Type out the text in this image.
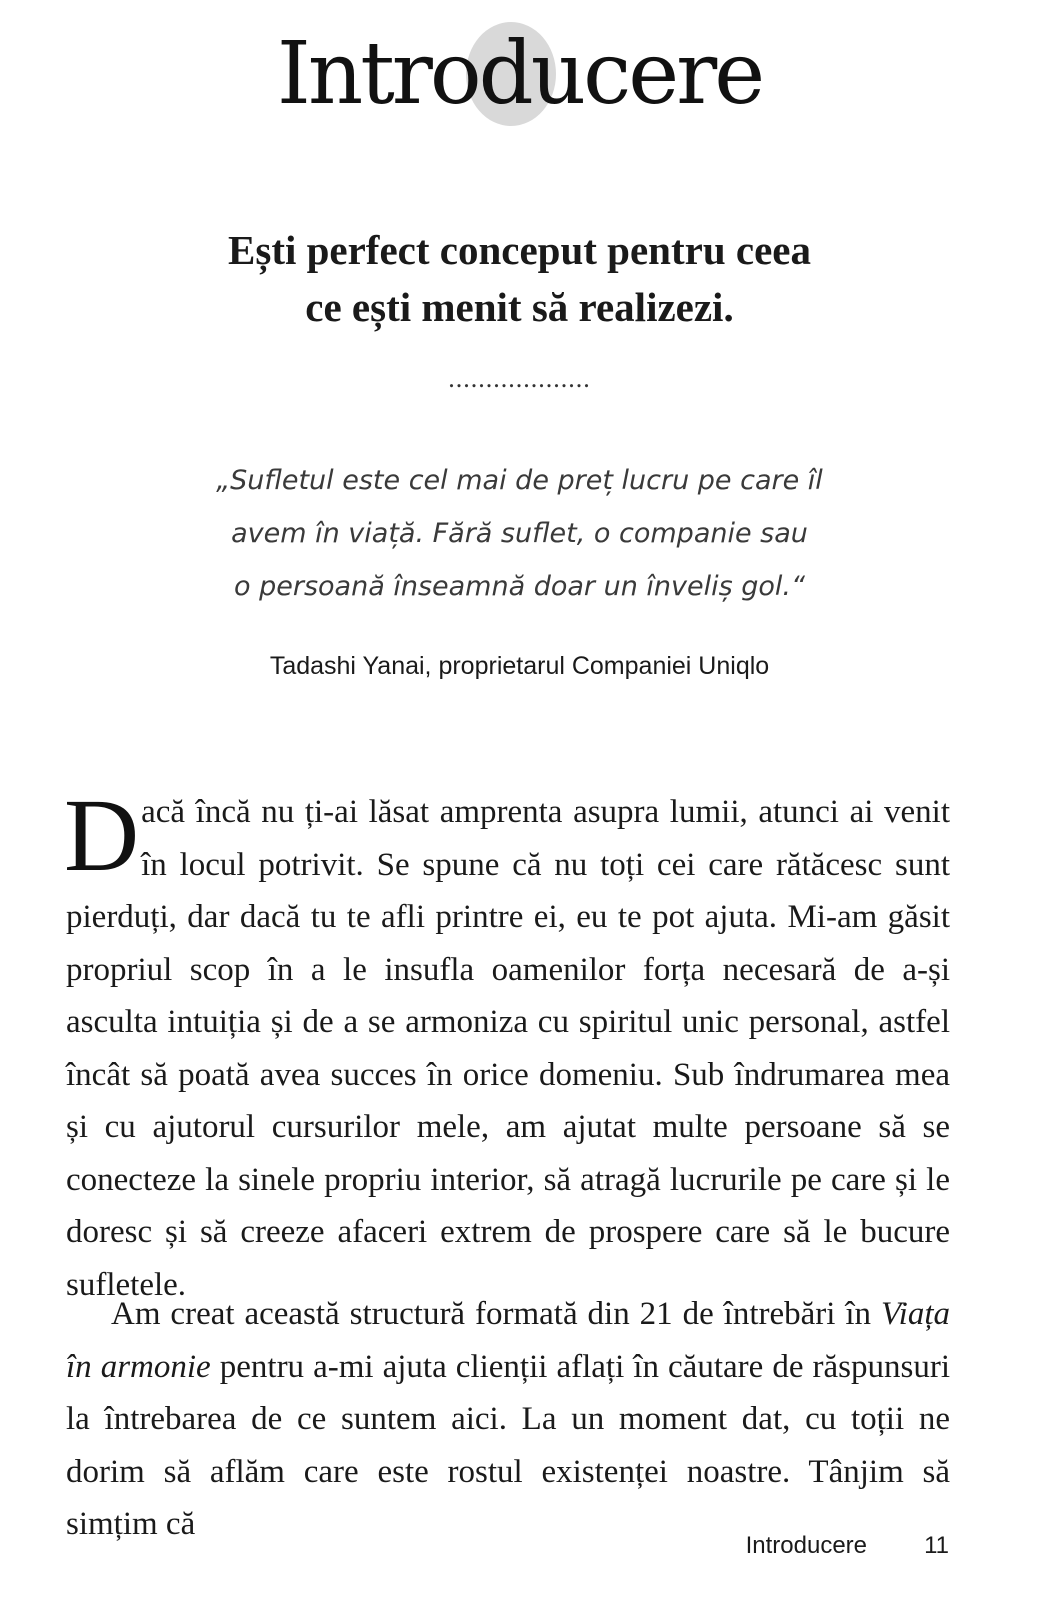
Introducere
Ești perfect conceput pentru ceea
ce ești menit să realizezi.
...................

„Sufletul este cel mai de preț lucru pe care îl
avem în viață. Fără suflet, o companie sau
o persoană înseamnă doar un înveliș gol.“

Tadashi Yanai, proprietarul Companiei Uniqlo

Dacă încă nu ți-ai lăsat amprenta asupra lumii, atunci ai venit în locul potrivit. Se spune că nu toți cei care rătăcesc sunt pierduți, dar dacă tu te afli printre ei, eu te pot ajuta. Mi-am găsit propriul scop în a le insufla oamenilor forța necesară de a-și asculta intuiția și de a se armoniza cu spiritul unic personal, astfel încât să poată avea succes în orice domeniu. Sub îndrumarea mea și cu ajutorul cursurilor mele, am ajutat multe persoane să se conecteze la sinele propriu interior, să atragă lucrurile pe care și le doresc și să creeze afaceri extrem de prospere care să le bucure sufletele.

Am creat această structură formată din 21 de întrebări în Viața în armonie pentru a-mi ajuta clienții aflați în căutare de răspunsuri la întrebarea de ce suntem aici. La un moment dat, cu toții ne dorim să aflăm care este rostul existenței noastre. Tânjim să simțim că

Introducere 11
